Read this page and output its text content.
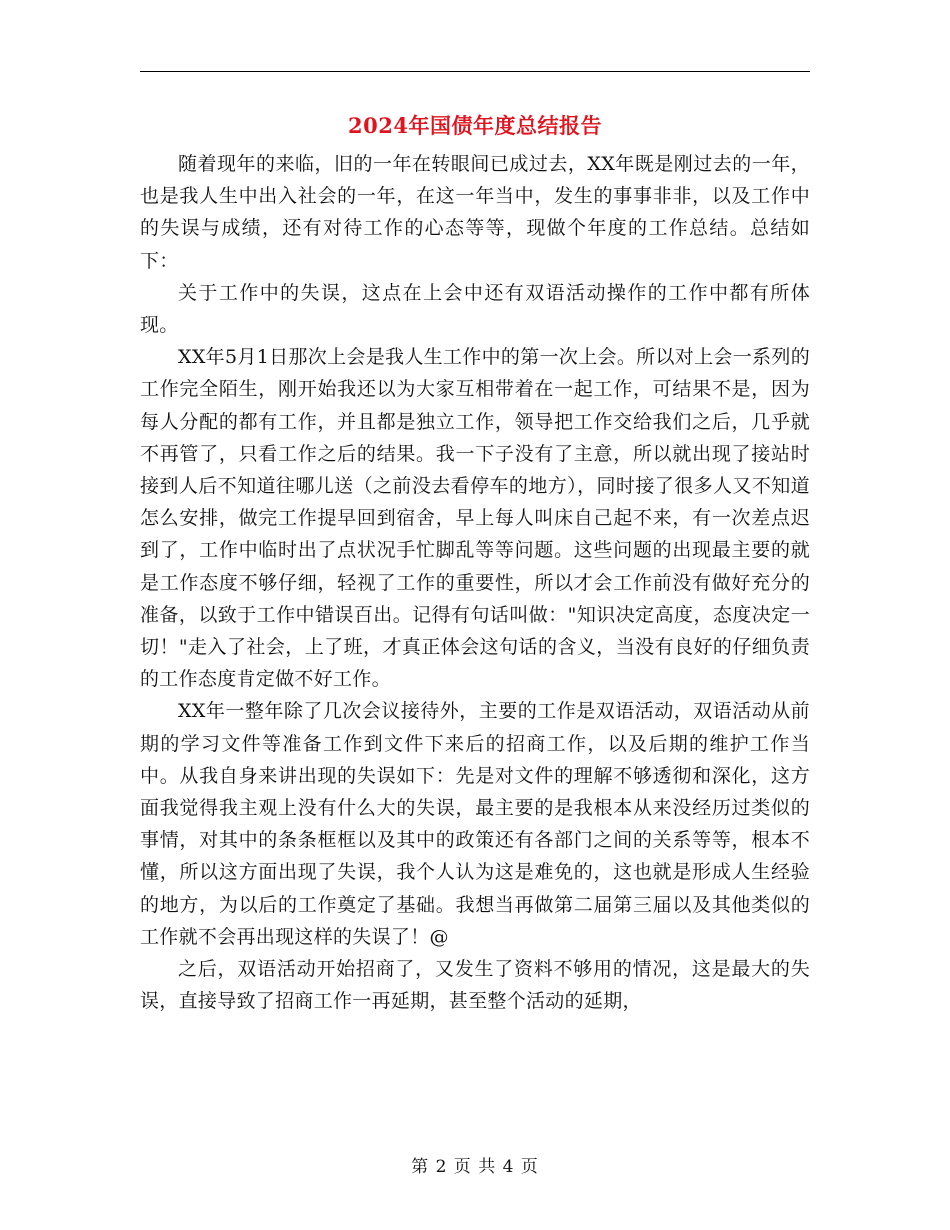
2024年国债年度总结报告

随着现年的来临，旧的一年在转眼间已成过去，XX年既是刚过去的一年，也是我人生中出入社会的一年，在这一年当中，发生的事事非非，以及工作中的失误与成绩，还有对待工作的心态等等，现做个年度的工作总结。总结如下：

关于工作中的失误，这点在上会中还有双语活动操作的工作中都有所体现。

XX年5月1日那次上会是我人生工作中的第一次上会。所以对上会一系列的工作完全陌生，刚开始我还以为大家互相带着在一起工作，可结果不是，因为每人分配的都有工作，并且都是独立工作，领导把工作交给我们之后，几乎就不再管了，只看工作之后的结果。我一下子没有了主意，所以就出现了接站时接到人后不知道往哪儿送（之前没去看停车的地方），同时接了很多人又不知道怎么安排，做完工作提早回到宿舍，早上每人叫床自己起不来，有一次差点迟到了，工作中临时出了点状况手忙脚乱等等问题。这些问题的出现最主要的就是工作态度不够仔细，轻视了工作的重要性，所以才会工作前没有做好充分的准备，以致于工作中错误百出。记得有句话叫做："知识决定高度，态度决定一切！"走入了社会，上了班，才真正体会这句话的含义，当没有良好的仔细负责的工作态度肯定做不好工作。

XX年一整年除了几次会议接待外，主要的工作是双语活动，双语活动从前期的学习文件等准备工作到文件下来后的招商工作，以及后期的维护工作当中。从我自身来讲出现的失误如下：先是对文件的理解不够透彻和深化，这方面我觉得我主观上没有什么大的失误，最主要的是我根本从来没经历过类似的事情，对其中的条条框框以及其中的政策还有各部门之间的关系等等，根本不懂，所以这方面出现了失误，我个人认为这是难免的，这也就是形成人生经验的地方，为以后的工作奠定了基础。我想当再做第二届第三届以及其他类似的工作就不会再出现这样的失误了！@

之后，双语活动开始招商了，又发生了资料不够用的情况，这是最大的失误，直接导致了招商工作一再延期，甚至整个活动的延期，

第 2 页 共 4 页
